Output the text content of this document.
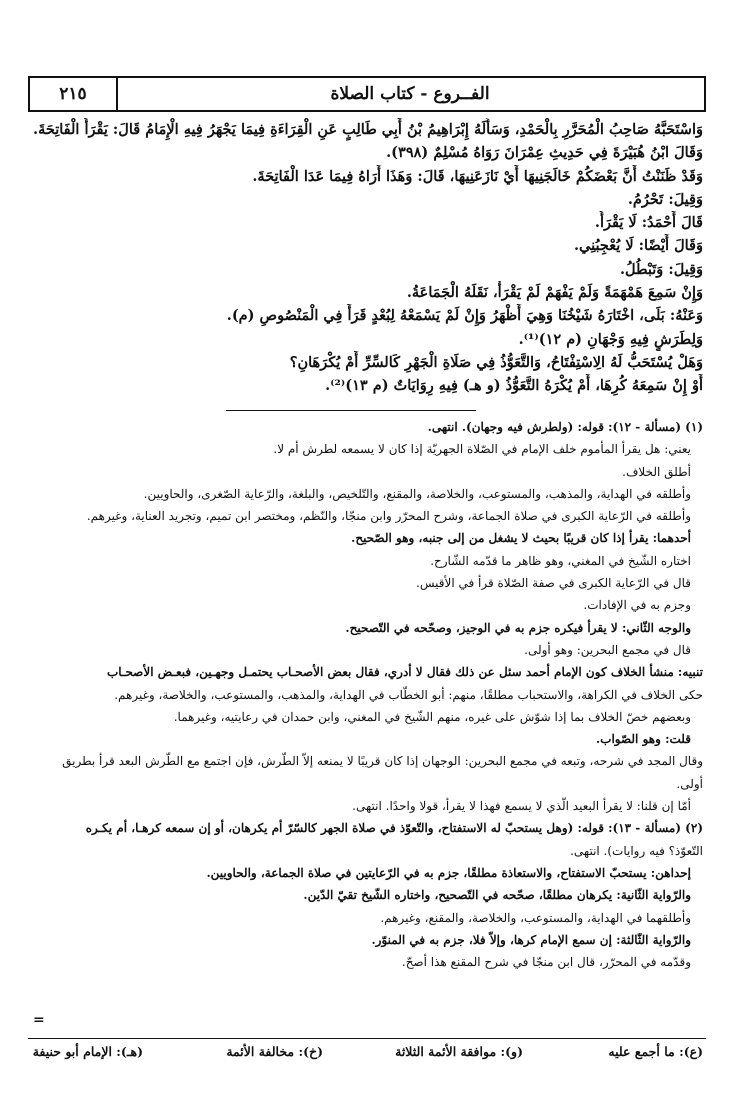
الفــروع - كتاب الصلاة
٢١٥
وَاسْتَحَبَّهُ صَاحِبُ الْمُحَرَّرِ بِالْحَمْدِ، وَسَأَلَهُ إِبْرَاهِيمُ بْنُ أَبِي طَالِبٍ عَنِ الْقِرَاءَةِ فِيمَا يَجْهَرُ فِيهِ الْإِمَامُ قَالَ: يَقْرَأُ الْفَاتِحَةَ.
وَقَالَ ابْنُ هُبَيْرَةَ فِي حَدِيثِ عِمْرَانَ رَوَاهُ مُسْلِمٌ (٣٩٨).
وَقَدْ ظَنَنْتُ أَنَّ بَعْضَكُمْ خَالَجَنِيهَا أَيْ نَازَعَنِيهَا، قَالَ: وَهَذَا أَرَاهُ فِيمَا عَدَا الْفَاتِحَةَ.
وَقِيلَ: تَحْرُمُ.
قَالَ أَحْمَدُ: لَا يَقْرَأُ.
وَقَالَ أَيْضًا: لَا يُعْجِبُنِي.
وَقِيلَ: وَتَبْطُلُ.
وَإِنْ سَمِعَ هَمْهَمَةً وَلَمْ يَفْهَمْ لَمْ يَقْرَأْ، نَقَلَهُ الْجَمَاعَةُ.
وَعَنْهُ: بَلَى، اخْتَارَهُ شَيْخُنَا وَهِيَ أَظْهَرُ وَإِنْ لَمْ يَسْمَعْهُ لِبُعْدٍ قَرَأَ فِي الْمَنْصُوصِ (م).
وَلِطَرَشٍ فِيهِ وَجْهَانِ (م ١٢)⁽¹⁾.
وَهَلْ يُسْتَحَبُّ لَهُ الِاسْتِفْتَاحُ، وَالتَّعَوُّذُ فِي صَلَاةِ الْجَهْرِ كَالسِّرِّ أَمْ يُكْرَهَانِ؟
أَوْ إِنْ سَمِعَهُ كُرِهَا، أَمْ يُكْرَهُ التَّعَوُّذُ (و هـ) فِيهِ رِوَايَاتٌ (م ١٣)⁽²⁾.
(١) (مسألة - ١٢): قوله: (ولطرش فيه وجهان). انتهى.
يعني: هل يقرأ المأموم خلف الإمام في الصّلاة الجهريّة إذا كان لا يسمعه لطرش أم لا.
أطلق الخلاف.
وأطلقه في الهداية، والمذهب، والمستوعب، والخلاصة، والمقنع، والتّلخيص، والبلغة، والرّعاية الصّغرى، والحاويين.
وأطلقه في الرّعاية الكبرى في صلاة الجماعة، وشرح المحرّر وابن منجّا، والنّظم، ومختصر ابن تميم، وتجريد العناية، وغيرهم.
أحدهما: يقرأ إذا كان قريبًا بحيث لا يشغل من إلى جنبه، وهو الصّحيح.
اختاره الشّيخ في المغني، وهو ظاهر ما قدّمه الشّارح.
قال في الرّعاية الكبرى في صفة الصّلاة قرأ في الأقيس.
وجزم به في الإفادات.
والوجه الثّاني: لا يقرأ فيكره جزم به في الوجيز، وصحّحه في التّصحيح.
قال في مجمع البحرين: وهو أولى.
تنبيه: منشأ الخلاف كون الإمام أحمد سئل عن ذلك فقال لا أدري، فقال بعض الأصحـاب يحتمـل وجهـين، فبعـض الأصحـاب
حكى الخلاف في الكراهة، والاستحباب مطلقًا، منهم: أبو الخطّاب في الهداية، والمذهب، والمستوعب، والخلاصة، وغيرهم.
وبعضهم خصّ الخلاف بما إذا شوّش على غيره، منهم الشّيخ في المغني، وابن حمدان في رعايتيه، وغيرهما.
قلت: وهو الصّواب.
وقال المجد في شرحه، وتبعه في مجمع البحرين: الوجهان إذا كان قريبًا لا يمنعه إلاّ الطّرش، فإن اجتمع مع الطّرش البعد قرأ بطريق
أولى.
أمّا إن قلنا: لا يقرأ البعيد الّذي لا يسمع فهذا لا يقرأ، قولا واحدًا. انتهى.
(٢) (مسألة - ١٣): قوله: (وهل يستحبّ له الاستفتاح، والتّعوّذ في صلاة الجهر كالسّرّ أم يكرهان، أو إن سمعه كرهـا، أم يكـره
التّعوّذ؟ فيه روايات). انتهى.
إحداهن: يستحبّ الاستفتاح، والاستعاذة مطلقًا، جزم به في الرّعايتين في صلاة الجماعة، والحاويين.
والرّواية الثّانية: يكرهان مطلقًا، صحّحه في التّصحيح، واختاره الشّيخ تقيّ الدّين.
وأطلقهما في الهداية، والمستوعب، والخلاصة، والمقنع، وغيرهم.
والرّواية الثّالثة: إن سمع الإمام كرها، وإلاّ فلا، جزم به في المنوّر.
وقدّمه في المحرّر، قال ابن منجّا في شرح المقنع هذا أصحّ.
=
(ع): ما أجمع عليه
(و): موافقة الأئمة الثلاثة
(خ): مخالفة الأئمة
(هـ): الإمام أبو حنيفة
